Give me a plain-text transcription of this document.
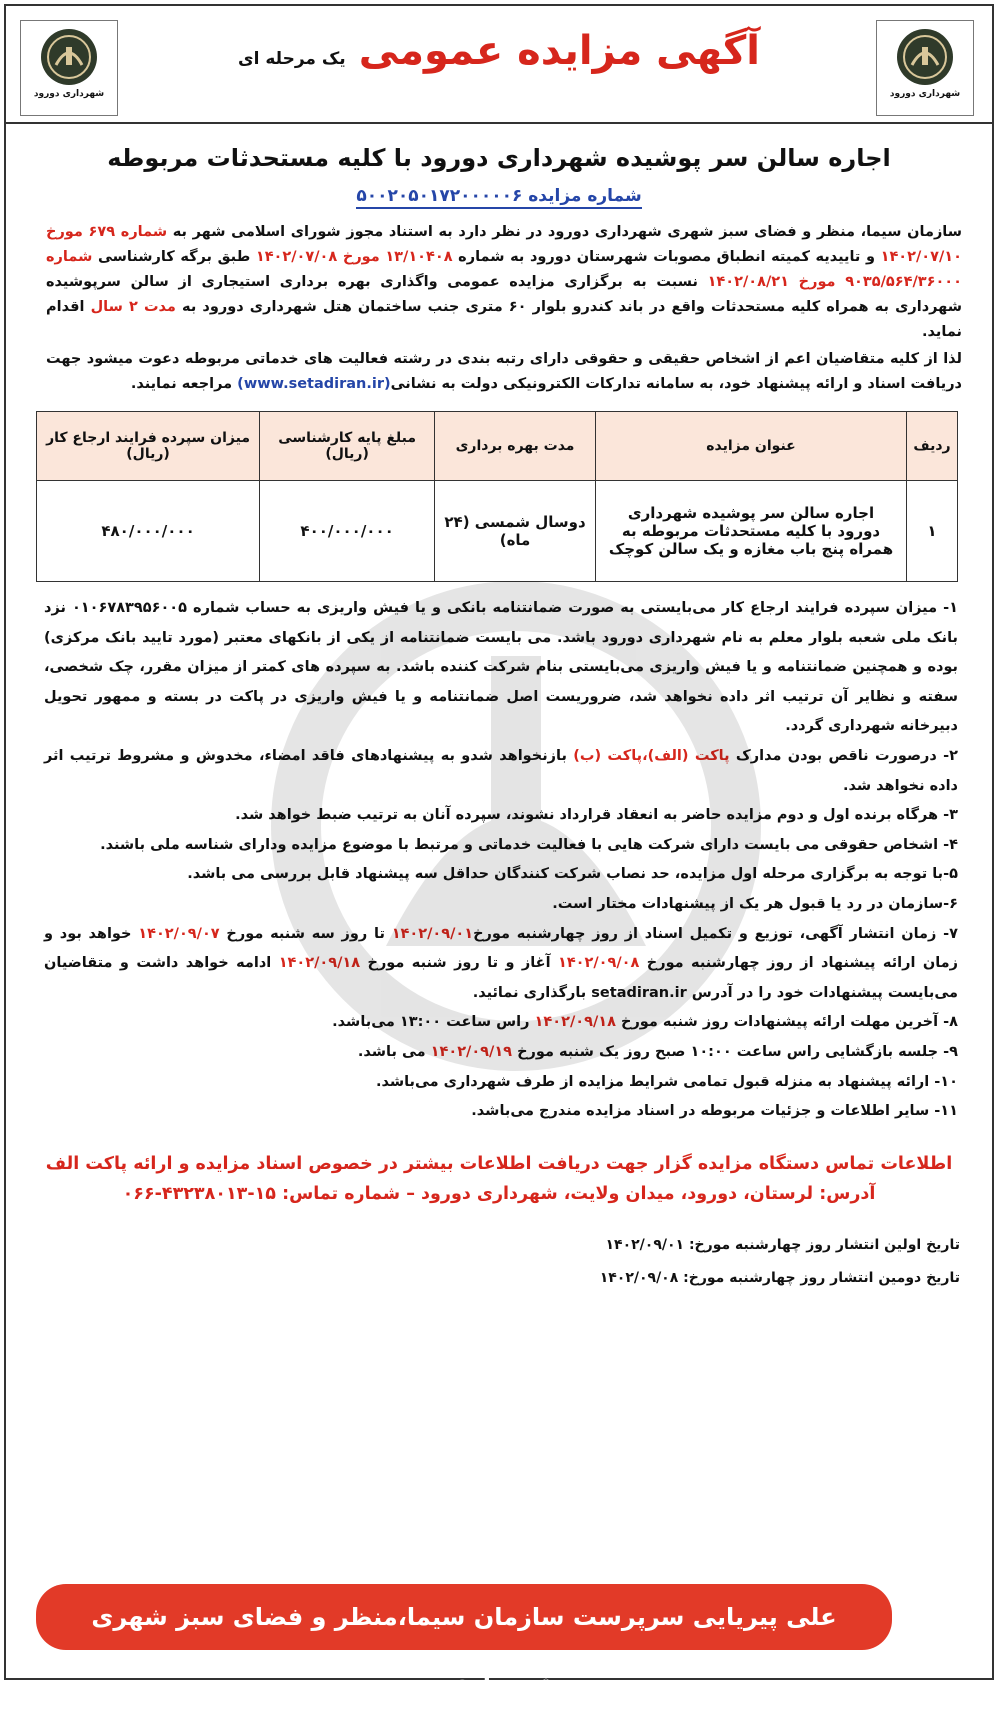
شهرداری دورود
شهرداری دورود
آگهی مزایده عمومی یک مرحله ای
اجاره سالن سر پوشیده شهرداری دورود با کلیه مستحدثات مربوطه
شماره مزایده ۵۰۰۲۰۵۰۱۷۲۰۰۰۰۰۶
سازمان سیما، منظر و فضای سبز شهری شهرداری دورود در نظر دارد به استناد مجوز شورای اسلامی شهر به شماره ۶۷۹ مورخ ۱۴۰۲/۰۷/۱۰ و تاییدیه کمیته انطباق مصوبات شهرستان دورود به شماره ۱۳/۱۰۴۰۸ مورخ ۱۴۰۲/۰۷/۰۸ طبق برگه کارشناسی شماره ۹۰۳۵/۵۶۴/۳۶۰۰۰ مورخ ۱۴۰۲/۰۸/۲۱ نسبت به برگزاری مزایده عمومی واگذاری بهره برداری استیجاری از سالن سرپوشیده شهرداری به همراه کلیه مستحدثات واقع در باند کندرو بلوار ۶۰ متری جنب ساختمان هتل شهرداری دورود به مدت ۲ سال اقدام نماید.
لذا از کلیه متقاضیان اعم از اشخاص حقیقی و حقوقی دارای رتبه بندی در رشته فعالیت های خدماتی مربوطه دعوت میشود جهت دریافت اسناد و ارائه پیشنهاد خود، به سامانه تدارکات الکترونیکی دولت به نشانی(www.setadiran.ir) مراجعه نمایند.
ردیف	عنوان مزایده	مدت بهره برداری	مبلغ پایه کارشناسی (ریال)	میزان سپرده فرایند ارجاع کار (ریال)
۱	اجاره سالن سر پوشیده شهرداری دورود با کلیه مستحدثات مربوطه به همراه پنج باب مغازه و یک سالن کوچک	دوسال شمسی (۲۴ ماه)	۴۰۰/۰۰۰/۰۰۰	۴۸۰/۰۰۰/۰۰۰

۱- میزان سپرده فرایند ارجاع کار می‌بایستی به صورت ضمانتنامه بانکی و یا فیش واریزی به حساب شماره ۰۱۰۶۷۸۳۹۵۶۰۰۵ نزد بانک ملی شعبه بلوار معلم به نام شهرداری دورود باشد. می بایست ضمانتنامه از یکی از بانکهای معتبر (مورد تایید بانک مرکزی) بوده و همچنین ضمانتنامه و یا فیش واریزی می‌بایستی بنام شرکت کننده باشد. به سپرده های کمتر از میزان مقرر، چک شخصی، سفته و نظایر آن ترتیب اثر داده نخواهد شد، ضروریست اصل ضمانتنامه و یا فیش واریزی در پاکت در بسته و ممهور تحویل دبیرخانه شهرداری گردد.

۲- درصورت ناقص بودن مدارک پاکت (الف)،پاکت (ب) بازنخواهد شدو به پیشنهادهای فاقد امضاء، مخدوش و مشروط ترتیب اثر داده نخواهد شد.

۳- هرگاه برنده اول و دوم مزایده حاضر به انعقاد قرارداد نشوند، سپرده آنان به ترتیب ضبط خواهد شد.

۴- اشخاص حقوقی می بایست دارای شرکت هایی با فعالیت خدماتی و مرتبط با موضوع مزایده ودارای شناسه ملی باشند.

۵-با توجه به برگزاری مرحله اول مزایده، حد نصاب شرکت کنندگان حداقل سه پیشنهاد قابل بررسی می باشد.

۶-سازمان در رد یا قبول هر یک از پیشنهادات مختار است.

۷- زمان انتشار آگهی، توزیع و تکمیل اسناد از روز چهارشنبه مورخ۱۴۰۲/۰۹/۰۱ تا روز سه شنبه مورخ ۱۴۰۲/۰۹/۰۷ خواهد بود و زمان ارائه پیشنهاد از روز چهارشنبه مورخ ۱۴۰۲/۰۹/۰۸ آغاز و تا روز شنبه مورخ ۱۴۰۲/۰۹/۱۸ ادامه خواهد داشت و متقاضیان می‌بایست پیشنهادات خود را در آدرس setadiran.ir بارگذاری نمائید.

۸- آخرین مهلت ارائه پیشنهادات روز شنبه مورخ ۱۴۰۲/۰۹/۱۸ راس ساعت ۱۳:۰۰ می‌باشد.

۹- جلسه بازگشایی راس ساعت ۱۰:۰۰ صبح روز یک شنبه مورخ ۱۴۰۲/۰۹/۱۹ می باشد.

۱۰- ارائه پیشنهاد به منزله قبول تمامی شرایط مزایده از طرف شهرداری می‌باشد.

۱۱- سایر اطلاعات و جزئیات مربوطه در اسناد مزایده مندرج می‌باشد.

اطلاعات تماس دستگاه مزایده گزار جهت دریافت اطلاعات بیشتر در خصوص اسناد مزایده و ارائه پاکت الف
آدرس: لرستان، دورود، میدان ولایت، شهرداری دورود – شماره تماس: ۱۵-۴۳۲۳۸۰۱۳-۰۶۶
تاریخ اولین انتشار روز چهارشنبه مورخ: ۱۴۰۲/۰۹/۰۱
تاریخ دومین انتشار روز چهارشنبه مورخ: ۱۴۰۲/۰۹/۰۸
علی پیریایی سرپرست سازمان سیما،منظر و فضای سبز شهری شهرداری دورود
